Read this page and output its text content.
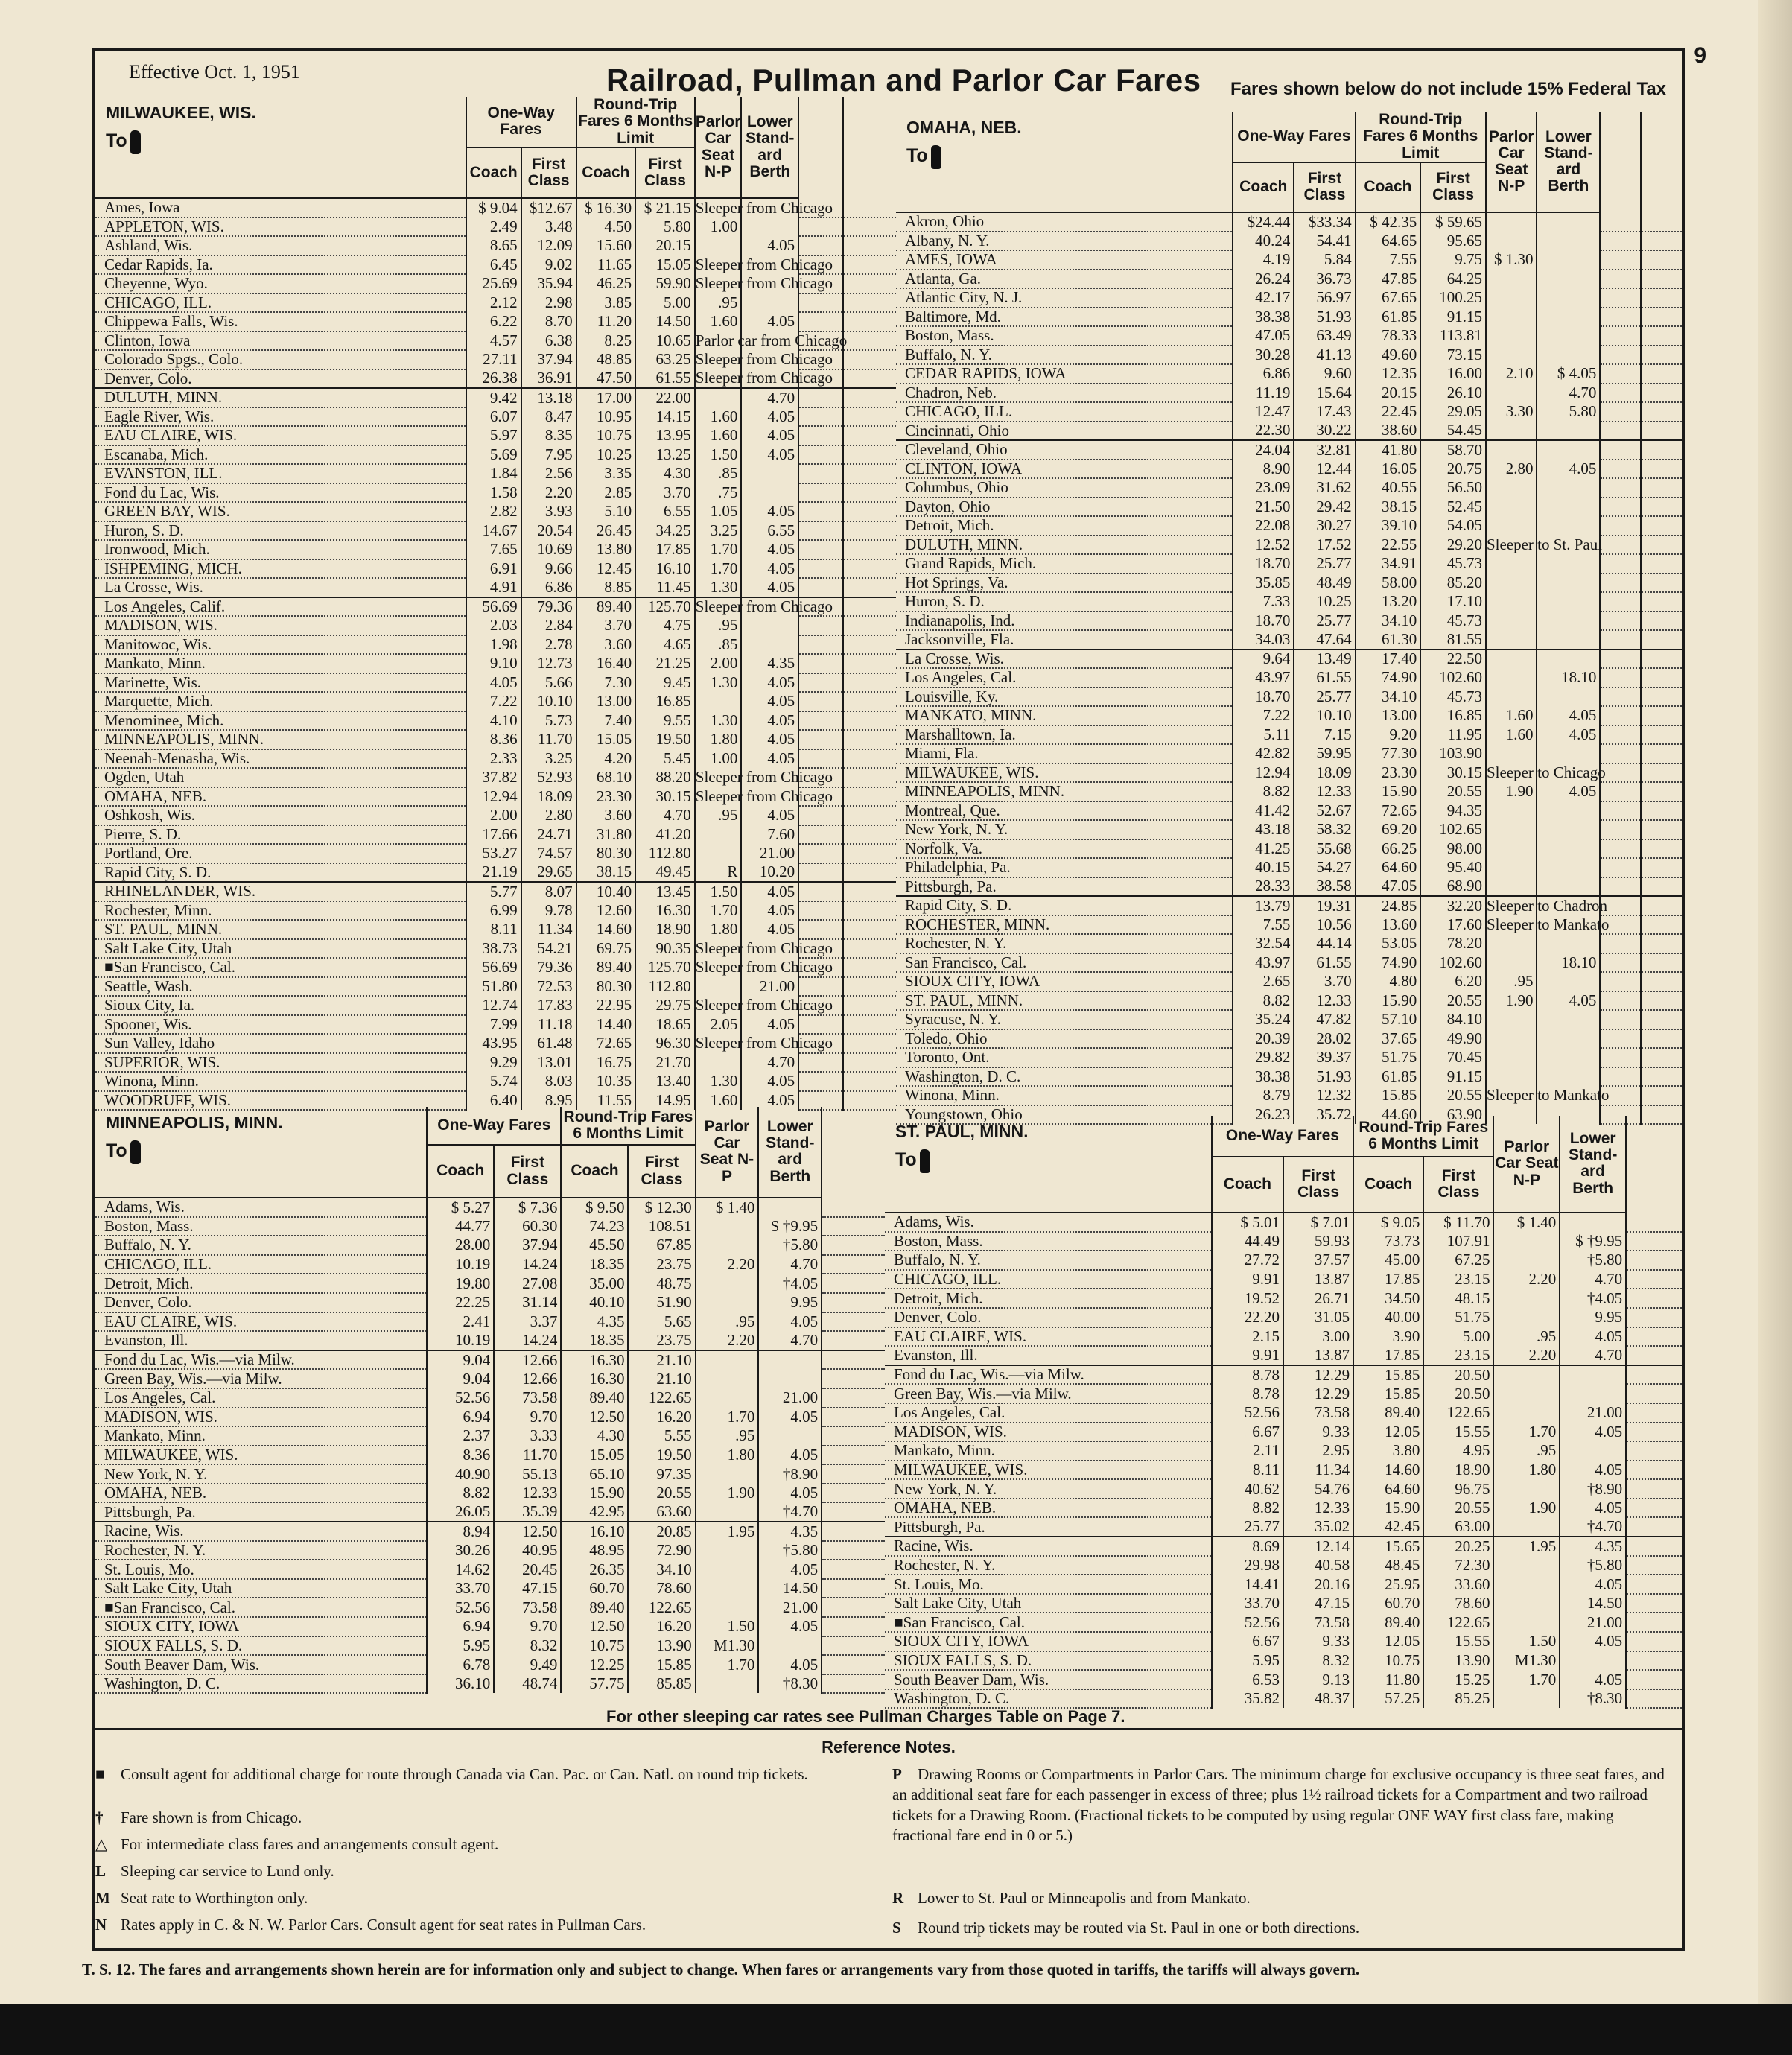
9
Effective Oct. 1, 1951	Railroad, Pullman and Parlor Car Fares Fares shown below do not include 15% Federal Tax
MILWAUKEE, WIS.
To	One-Way Fares		Round-Trip Fares 6 Months Limit		Parlor Car Seat N-P	Lower Stand-ard Berth		
	Coach	First Class	Coach	First Class				
Ames, Iowa	$ 9.04	$12.67	$ 16.30	$ 21.15	Sleeper from Chicago			
APPLETON, WIS.	2.49	3.48	4.50	5.80	1.00			
Ashland, Wis.	8.65	12.09	15.60	20.15		4.05		
Cedar Rapids, Ia.	6.45	9.02	11.65	15.05	Sleeper from Chicago			
Cheyenne, Wyo.	25.69	35.94	46.25	59.90	Sleeper from Chicago			
CHICAGO, ILL.	2.12	2.98	3.85	5.00	.95			
Chippewa Falls, Wis.	6.22	8.70	11.20	14.50	1.60	4.05		
Clinton, Iowa	4.57	6.38	8.25	10.65	Parlor car from Chicago			
Colorado Spgs., Colo.	27.11	37.94	48.85	63.25	Sleeper from Chicago			
Denver, Colo.	26.38	36.91	47.50	61.55	Sleeper from Chicago			
DULUTH, MINN.	9.42	13.18	17.00	22.00		4.70		
Eagle River, Wis.	6.07	8.47	10.95	14.15	1.60	4.05		
EAU CLAIRE, WIS.	5.97	8.35	10.75	13.95	1.60	4.05		
Escanaba, Mich.	5.69	7.95	10.25	13.25	1.50	4.05		
EVANSTON, ILL.	1.84	2.56	3.35	4.30	.85			
Fond du Lac, Wis.	1.58	2.20	2.85	3.70	.75			
GREEN BAY, WIS.	2.82	3.93	5.10	6.55	1.05	4.05		
Huron, S. D.	14.67	20.54	26.45	34.25	3.25	6.55		
Ironwood, Mich.	7.65	10.69	13.80	17.85	1.70	4.05		
ISHPEMING, MICH.	6.91	9.66	12.45	16.10	1.70	4.05		
La Crosse, Wis.	4.91	6.86	8.85	11.45	1.30	4.05		
Los Angeles, Calif.	56.69	79.36	89.40	125.70	Sleeper from Chicago			
MADISON, WIS.	2.03	2.84	3.70	4.75	.95			
Manitowoc, Wis.	1.98	2.78	3.60	4.65	.85			
Mankato, Minn.	9.10	12.73	16.40	21.25	2.00	4.35		
Marinette, Wis.	4.05	5.66	7.30	9.45	1.30	4.05		
Marquette, Mich.	7.22	10.10	13.00	16.85		4.05		
Menominee, Mich.	4.10	5.73	7.40	9.55	1.30	4.05		
MINNEAPOLIS, MINN.	8.36	11.70	15.05	19.50	1.80	4.05		
Neenah-Menasha, Wis.	2.33	3.25	4.20	5.45	1.00	4.05		
Ogden, Utah	37.82	52.93	68.10	88.20	Sleeper from Chicago			
OMAHA, NEB.	12.94	18.09	23.30	30.15	Sleeper from Chicago			
Oshkosh, Wis.	2.00	2.80	3.60	4.70	.95	4.05		
Pierre, S. D.	17.66	24.71	31.80	41.20		7.60		
Portland, Ore.	53.27	74.57	80.30	112.80		21.00		
Rapid City, S. D.	21.19	29.65	38.15	49.45	R	10.20		
RHINELANDER, WIS.	5.77	8.07	10.40	13.45	1.50	4.05		
Rochester, Minn.	6.99	9.78	12.60	16.30	1.70	4.05		
ST. PAUL, MINN.	8.11	11.34	14.60	18.90	1.80	4.05		
Salt Lake City, Utah	38.73	54.21	69.75	90.35	Sleeper from Chicago			
■San Francisco, Cal.	56.69	79.36	89.40	125.70	Sleeper from Chicago			
Seattle, Wash.	51.80	72.53	80.30	112.80		21.00		
Sioux City, Ia.	12.74	17.83	22.95	29.75	Sleeper from Chicago			
Spooner, Wis.	7.99	11.18	14.40	18.65	2.05	4.05		
Sun Valley, Idaho	43.95	61.48	72.65	96.30	Sleeper from Chicago			
SUPERIOR, WIS.	9.29	13.01	16.75	21.70		4.70		
Winona, Minn.	5.74	8.03	10.35	13.40	1.30	4.05		
WOODRUFF, WIS.	6.40	8.95	11.55	14.95	1.60	4.05		
OMAHA, NEB.
To	One-Way Fares		Round-Trip Fares 6 Months Limit		Parlor Car Seat N-P	Lower Stand-ard Berth		
	Coach	First Class	Coach	First Class				
Akron, Ohio	$24.44	$33.34	$ 42.35	$ 59.65				
Albany, N. Y.	40.24	54.41	64.65	95.65				
AMES, IOWA	4.19	5.84	7.55	9.75	$ 1.30			
Atlanta, Ga.	26.24	36.73	47.85	64.25				
Atlantic City, N. J.	42.17	56.97	67.65	100.25				
Baltimore, Md.	38.38	51.93	61.85	91.15				
Boston, Mass.	47.05	63.49	78.33	113.81				
Buffalo, N. Y.	30.28	41.13	49.60	73.15				
CEDAR RAPIDS, IOWA	6.86	9.60	12.35	16.00	2.10	$ 4.05		
Chadron, Neb.	11.19	15.64	20.15	26.10		4.70		
CHICAGO, ILL.	12.47	17.43	22.45	29.05	3.30	5.80		
Cincinnati, Ohio	22.30	30.22	38.60	54.45				
Cleveland, Ohio	24.04	32.81	41.80	58.70				
CLINTON, IOWA	8.90	12.44	16.05	20.75	2.80	4.05		
Columbus, Ohio	23.09	31.62	40.55	56.50				
Dayton, Ohio	21.50	29.42	38.15	52.45				
Detroit, Mich.	22.08	30.27	39.10	54.05				
DULUTH, MINN.	12.52	17.52	22.55	29.20	Sleeper to St. Paul			
Grand Rapids, Mich.	18.70	25.77	34.91	45.73				
Hot Springs, Va.	35.85	48.49	58.00	85.20				
Huron, S. D.	7.33	10.25	13.20	17.10				
Indianapolis, Ind.	18.70	25.77	34.10	45.73				
Jacksonville, Fla.	34.03	47.64	61.30	81.55				
La Crosse, Wis.	9.64	13.49	17.40	22.50				
Los Angeles, Cal.	43.97	61.55	74.90	102.60		18.10		
Louisville, Ky.	18.70	25.77	34.10	45.73				
MANKATO, MINN.	7.22	10.10	13.00	16.85	1.60	4.05		
Marshalltown, Ia.	5.11	7.15	9.20	11.95	1.60	4.05		
Miami, Fla.	42.82	59.95	77.30	103.90				
MILWAUKEE, WIS.	12.94	18.09	23.30	30.15	Sleeper to Chicago			
MINNEAPOLIS, MINN.	8.82	12.33	15.90	20.55	1.90	4.05		
Montreal, Que.	41.42	52.67	72.65	94.35				
New York, N. Y.	43.18	58.32	69.20	102.65				
Norfolk, Va.	41.25	55.68	66.25	98.00				
Philadelphia, Pa.	40.15	54.27	64.60	95.40				
Pittsburgh, Pa.	28.33	38.58	47.05	68.90				
Rapid City, S. D.	13.79	19.31	24.85	32.20	Sleeper to Chadron			
ROCHESTER, MINN.	7.55	10.56	13.60	17.60	Sleeper to Mankato			
Rochester, N. Y.	32.54	44.14	53.05	78.20				
San Francisco, Cal.	43.97	61.55	74.90	102.60		18.10		
SIOUX CITY, IOWA	2.65	3.70	4.80	6.20	.95			
ST. PAUL, MINN.	8.82	12.33	15.90	20.55	1.90	4.05		
Syracuse, N. Y.	35.24	47.82	57.10	84.10				
Toledo, Ohio	20.39	28.02	37.65	49.90				
Toronto, Ont.	29.82	39.37	51.75	70.45				
Washington, D. C.	38.38	51.93	61.85	91.15				
Winona, Minn.	8.79	12.32	15.85	20.55	Sleeper to Mankato			
Youngstown, Ohio	26.23	35.72	44.60	63.90				
MINNEAPOLIS, MINN.
To	One-Way Fares		Round-Trip Fares 6 Months Limit		Parlor Car Seat N-P	Lower Stand-ard Berth	
	Coach	First Class	Coach	First Class			
Adams, Wis.	$ 5.27	$ 7.36	$ 9.50	$ 12.30	$ 1.40		
Boston, Mass.	44.77	60.30	74.23	108.51		$ †9.95	
Buffalo, N. Y.	28.00	37.94	45.50	67.85		†5.80	
CHICAGO, ILL.	10.19	14.24	18.35	23.75	2.20	4.70	
Detroit, Mich.	19.80	27.08	35.00	48.75		†4.05	
Denver, Colo.	22.25	31.14	40.10	51.90		9.95	
EAU CLAIRE, WIS.	2.41	3.37	4.35	5.65	.95	4.05	
Evanston, Ill.	10.19	14.24	18.35	23.75	2.20	4.70	
Fond du Lac, Wis.—via Milw.	9.04	12.66	16.30	21.10			
Green Bay, Wis.—via Milw.	9.04	12.66	16.30	21.10			
Los Angeles, Cal.	52.56	73.58	89.40	122.65		21.00	
MADISON, WIS.	6.94	9.70	12.50	16.20	1.70	4.05	
Mankato, Minn.	2.37	3.33	4.30	5.55	.95		
MILWAUKEE, WIS.	8.36	11.70	15.05	19.50	1.80	4.05	
New York, N. Y.	40.90	55.13	65.10	97.35		†8.90	
OMAHA, NEB.	8.82	12.33	15.90	20.55	1.90	4.05	
Pittsburgh, Pa.	26.05	35.39	42.95	63.60		†4.70	
Racine, Wis.	8.94	12.50	16.10	20.85	1.95	4.35	
Rochester, N. Y.	30.26	40.95	48.95	72.90		†5.80	
St. Louis, Mo.	14.62	20.45	26.35	34.10		4.05	
Salt Lake City, Utah	33.70	47.15	60.70	78.60		14.50	
■San Francisco, Cal.	52.56	73.58	89.40	122.65		21.00	
SIOUX CITY, IOWA	6.94	9.70	12.50	16.20	1.50	4.05	
SIOUX FALLS, S. D.	5.95	8.32	10.75	13.90	M1.30		
South Beaver Dam, Wis.	6.78	9.49	12.25	15.85	1.70	4.05	
Washington, D. C.	36.10	48.74	57.75	85.85		†8.30	
ST. PAUL, MINN.
To	One-Way Fares		Round-Trip Fares 6 Months Limit		Parlor Car Seat N-P	Lower Stand-ard Berth	
	Coach	First Class	Coach	First Class			
Adams, Wis.	$ 5.01	$ 7.01	$ 9.05	$ 11.70	$ 1.40		
Boston, Mass.	44.49	59.93	73.73	107.91		$ †9.95	
Buffalo, N. Y.	27.72	37.57	45.00	67.25		†5.80	
CHICAGO, ILL.	9.91	13.87	17.85	23.15	2.20	4.70	
Detroit, Mich.	19.52	26.71	34.50	48.15		†4.05	
Denver, Colo.	22.20	31.05	40.00	51.75		9.95	
EAU CLAIRE, WIS.	2.15	3.00	3.90	5.00	.95	4.05	
Evanston, Ill.	9.91	13.87	17.85	23.15	2.20	4.70	
Fond du Lac, Wis.—via Milw.	8.78	12.29	15.85	20.50			
Green Bay, Wis.—via Milw.	8.78	12.29	15.85	20.50			
Los Angeles, Cal.	52.56	73.58	89.40	122.65		21.00	
MADISON, WIS.	6.67	9.33	12.05	15.55	1.70	4.05	
Mankato, Minn.	2.11	2.95	3.80	4.95	.95		
MILWAUKEE, WIS.	8.11	11.34	14.60	18.90	1.80	4.05	
New York, N. Y.	40.62	54.76	64.60	96.75		†8.90	
OMAHA, NEB.	8.82	12.33	15.90	20.55	1.90	4.05	
Pittsburgh, Pa.	25.77	35.02	42.45	63.00		†4.70	
Racine, Wis.	8.69	12.14	15.65	20.25	1.95	4.35	
Rochester, N. Y.	29.98	40.58	48.45	72.30		†5.80	
St. Louis, Mo.	14.41	20.16	25.95	33.60		4.05	
Salt Lake City, Utah	33.70	47.15	60.70	78.60		14.50	
■San Francisco, Cal.	52.56	73.58	89.40	122.65		21.00	
SIOUX CITY, IOWA	6.67	9.33	12.05	15.55	1.50	4.05	
SIOUX FALLS, S. D.	5.95	8.32	10.75	13.90	M1.30		
South Beaver Dam, Wis.	6.53	9.13	11.80	15.25	1.70	4.05	
Washington, D. C.	35.82	48.37	57.25	85.25		†8.30	
For other sleeping car rates see Pullman Charges Table on Page 7.
Reference Notes.
■ Consult agent for additional charge for route through Canada via Can. Pac. or Can. Natl. on round trip tickets.
† Fare shown is from Chicago.
△ For intermediate class fares and arrangements consult agent.
L Sleeping car service to Lund only.
M Seat rate to Worthington only.
N Rates apply in C. & N. W. Parlor Cars. Consult agent for seat rates in Pullman Cars.
P Drawing Rooms or Compartments in Parlor Cars. The minimum charge for exclusive occupancy is three seat fares, and an additional seat fare for each passenger in excess of three; plus 1½ railroad tickets for a Compartment and two railroad tickets for a Drawing Room. (Fractional tickets to be computed by using regular ONE WAY first class fare, making fractional fare end in 0 or 5.)
R Lower to St. Paul or Minneapolis and from Mankato.
S Round trip tickets may be routed via St. Paul in one or both directions.
T. S. 12. The fares and arrangements shown herein are for information only and subject to change. When fares or arrangements vary from those quoted in tariffs, the tariffs will always govern.
